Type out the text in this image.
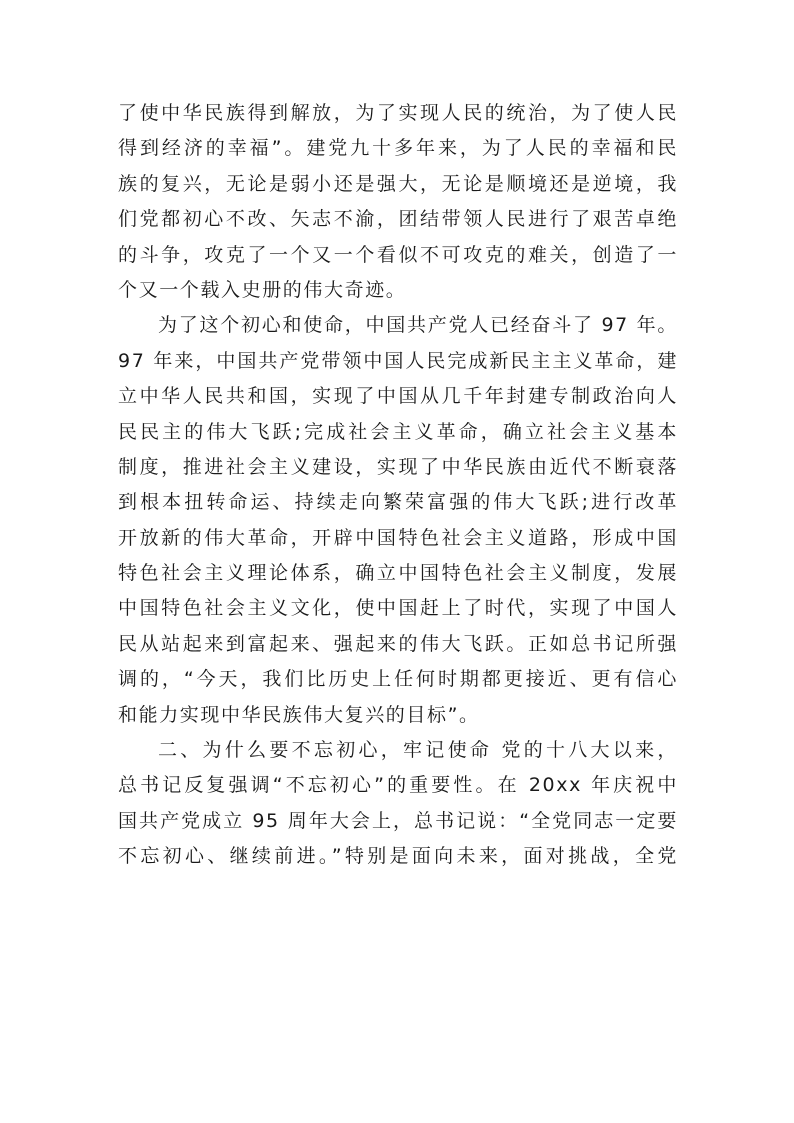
了使中华民族得到解放，为了实现人民的统治，为了使人民
得到经济的幸福”。建党九十多年来，为了人民的幸福和民
族的复兴，无论是弱小还是强大，无论是顺境还是逆境，我
们党都初心不改、矢志不渝，团结带领人民进行了艰苦卓绝
的斗争，攻克了一个又一个看似不可攻克的难关，创造了一
个又一个载入史册的伟大奇迹。
为了这个初心和使命，中国共产党人已经奋斗了 97 年。
97 年来，中国共产党带领中国人民完成新民主主义革命，建
立中华人民共和国，实现了中国从几千年封建专制政治向人
民民主的伟大飞跃;完成社会主义革命，确立社会主义基本
制度，推进社会主义建设，实现了中华民族由近代不断衰落
到根本扭转命运、持续走向繁荣富强的伟大飞跃;进行改革
开放新的伟大革命，开辟中国特色社会主义道路，形成中国
特色社会主义理论体系，确立中国特色社会主义制度，发展
中国特色社会主义文化，使中国赶上了时代，实现了中国人
民从站起来到富起来、强起来的伟大飞跃。正如总书记所强
调的，“今天，我们比历史上任何时期都更接近、更有信心
和能力实现中华民族伟大复兴的目标”。
二、为什么要不忘初心，牢记使命 党的十八大以来，
总书记反复强调“不忘初心”的重要性。在 20xx 年庆祝中
国共产党成立 95 周年大会上，总书记说：“全党同志一定要
不忘初心、继续前进。”特别是面向未来，面对挑战，全党
